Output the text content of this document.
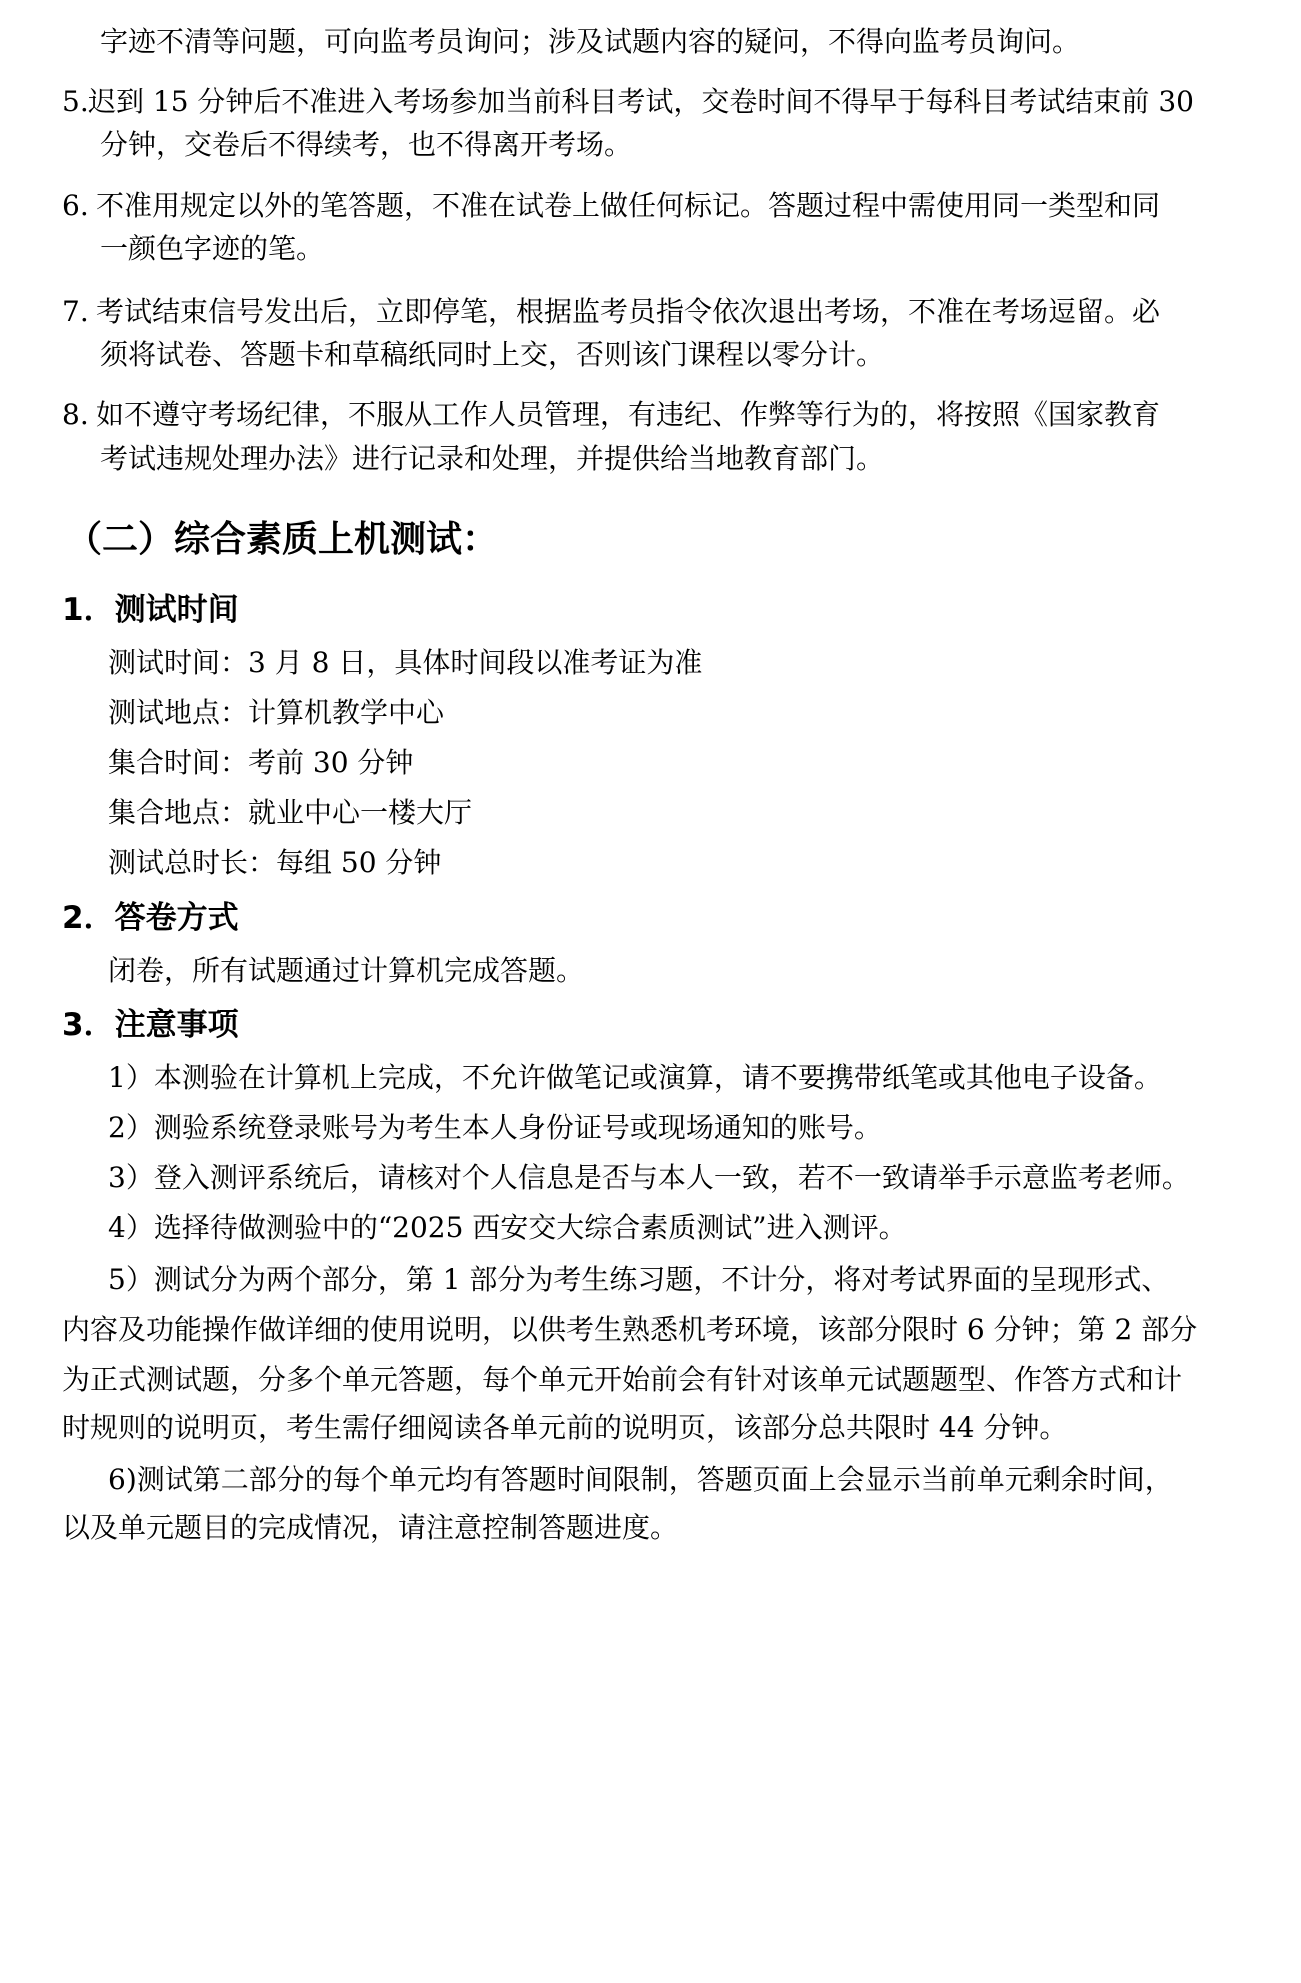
字迹不清等问题，可向监考员询问；涉及试题内容的疑问，不得向监考员询问。
5. 迟到 15 分钟后不准进入考场参加当前科目考试，交卷时间不得早于每科目考试结束前 30
分钟，交卷后不得续考，也不得离开考场。
6. 不准用规定以外的笔答题，不准在试卷上做任何标记。答题过程中需使用同一类型和同
一颜色字迹的笔。
7. 考试结束信号发出后，立即停笔，根据监考员指令依次退出考场，不准在考场逗留。必
须将试卷、答题卡和草稿纸同时上交，否则该门课程以零分计。
8. 如不遵守考场纪律，不服从工作人员管理，有违纪、作弊等行为的，将按照《国家教育
考试违规处理办法》进行记录和处理，并提供给当地教育部门。
（二）综合素质上机测试：
1．测试时间
测试时间：3 月 8 日，具体时间段以准考证为准
测试地点：计算机教学中心
集合时间：考前 30 分钟
集合地点：就业中心一楼大厅
测试总时长：每组 50 分钟
2．答卷方式
闭卷，所有试题通过计算机完成答题。
3．注意事项
1）本测验在计算机上完成，不允许做笔记或演算，请不要携带纸笔或其他电子设备。
2）测验系统登录账号为考生本人身份证号或现场通知的账号。
3）登入测评系统后，请核对个人信息是否与本人一致，若不一致请举手示意监考老师。
4）选择待做测验中的“2025 西安交大综合素质测试”进入测评。
5）测试分为两个部分，第 1 部分为考生练习题，不计分，将对考试界面的呈现形式、
内容及功能操作做详细的使用说明，以供考生熟悉机考环境，该部分限时 6 分钟；第 2 部分
为正式测试题，分多个单元答题，每个单元开始前会有针对该单元试题题型、作答方式和计
时规则的说明页，考生需仔细阅读各单元前的说明页，该部分总共限时 44 分钟。
6)测试第二部分的每个单元均有答题时间限制，答题页面上会显示当前单元剩余时间，
以及单元题目的完成情况，请注意控制答题进度。
